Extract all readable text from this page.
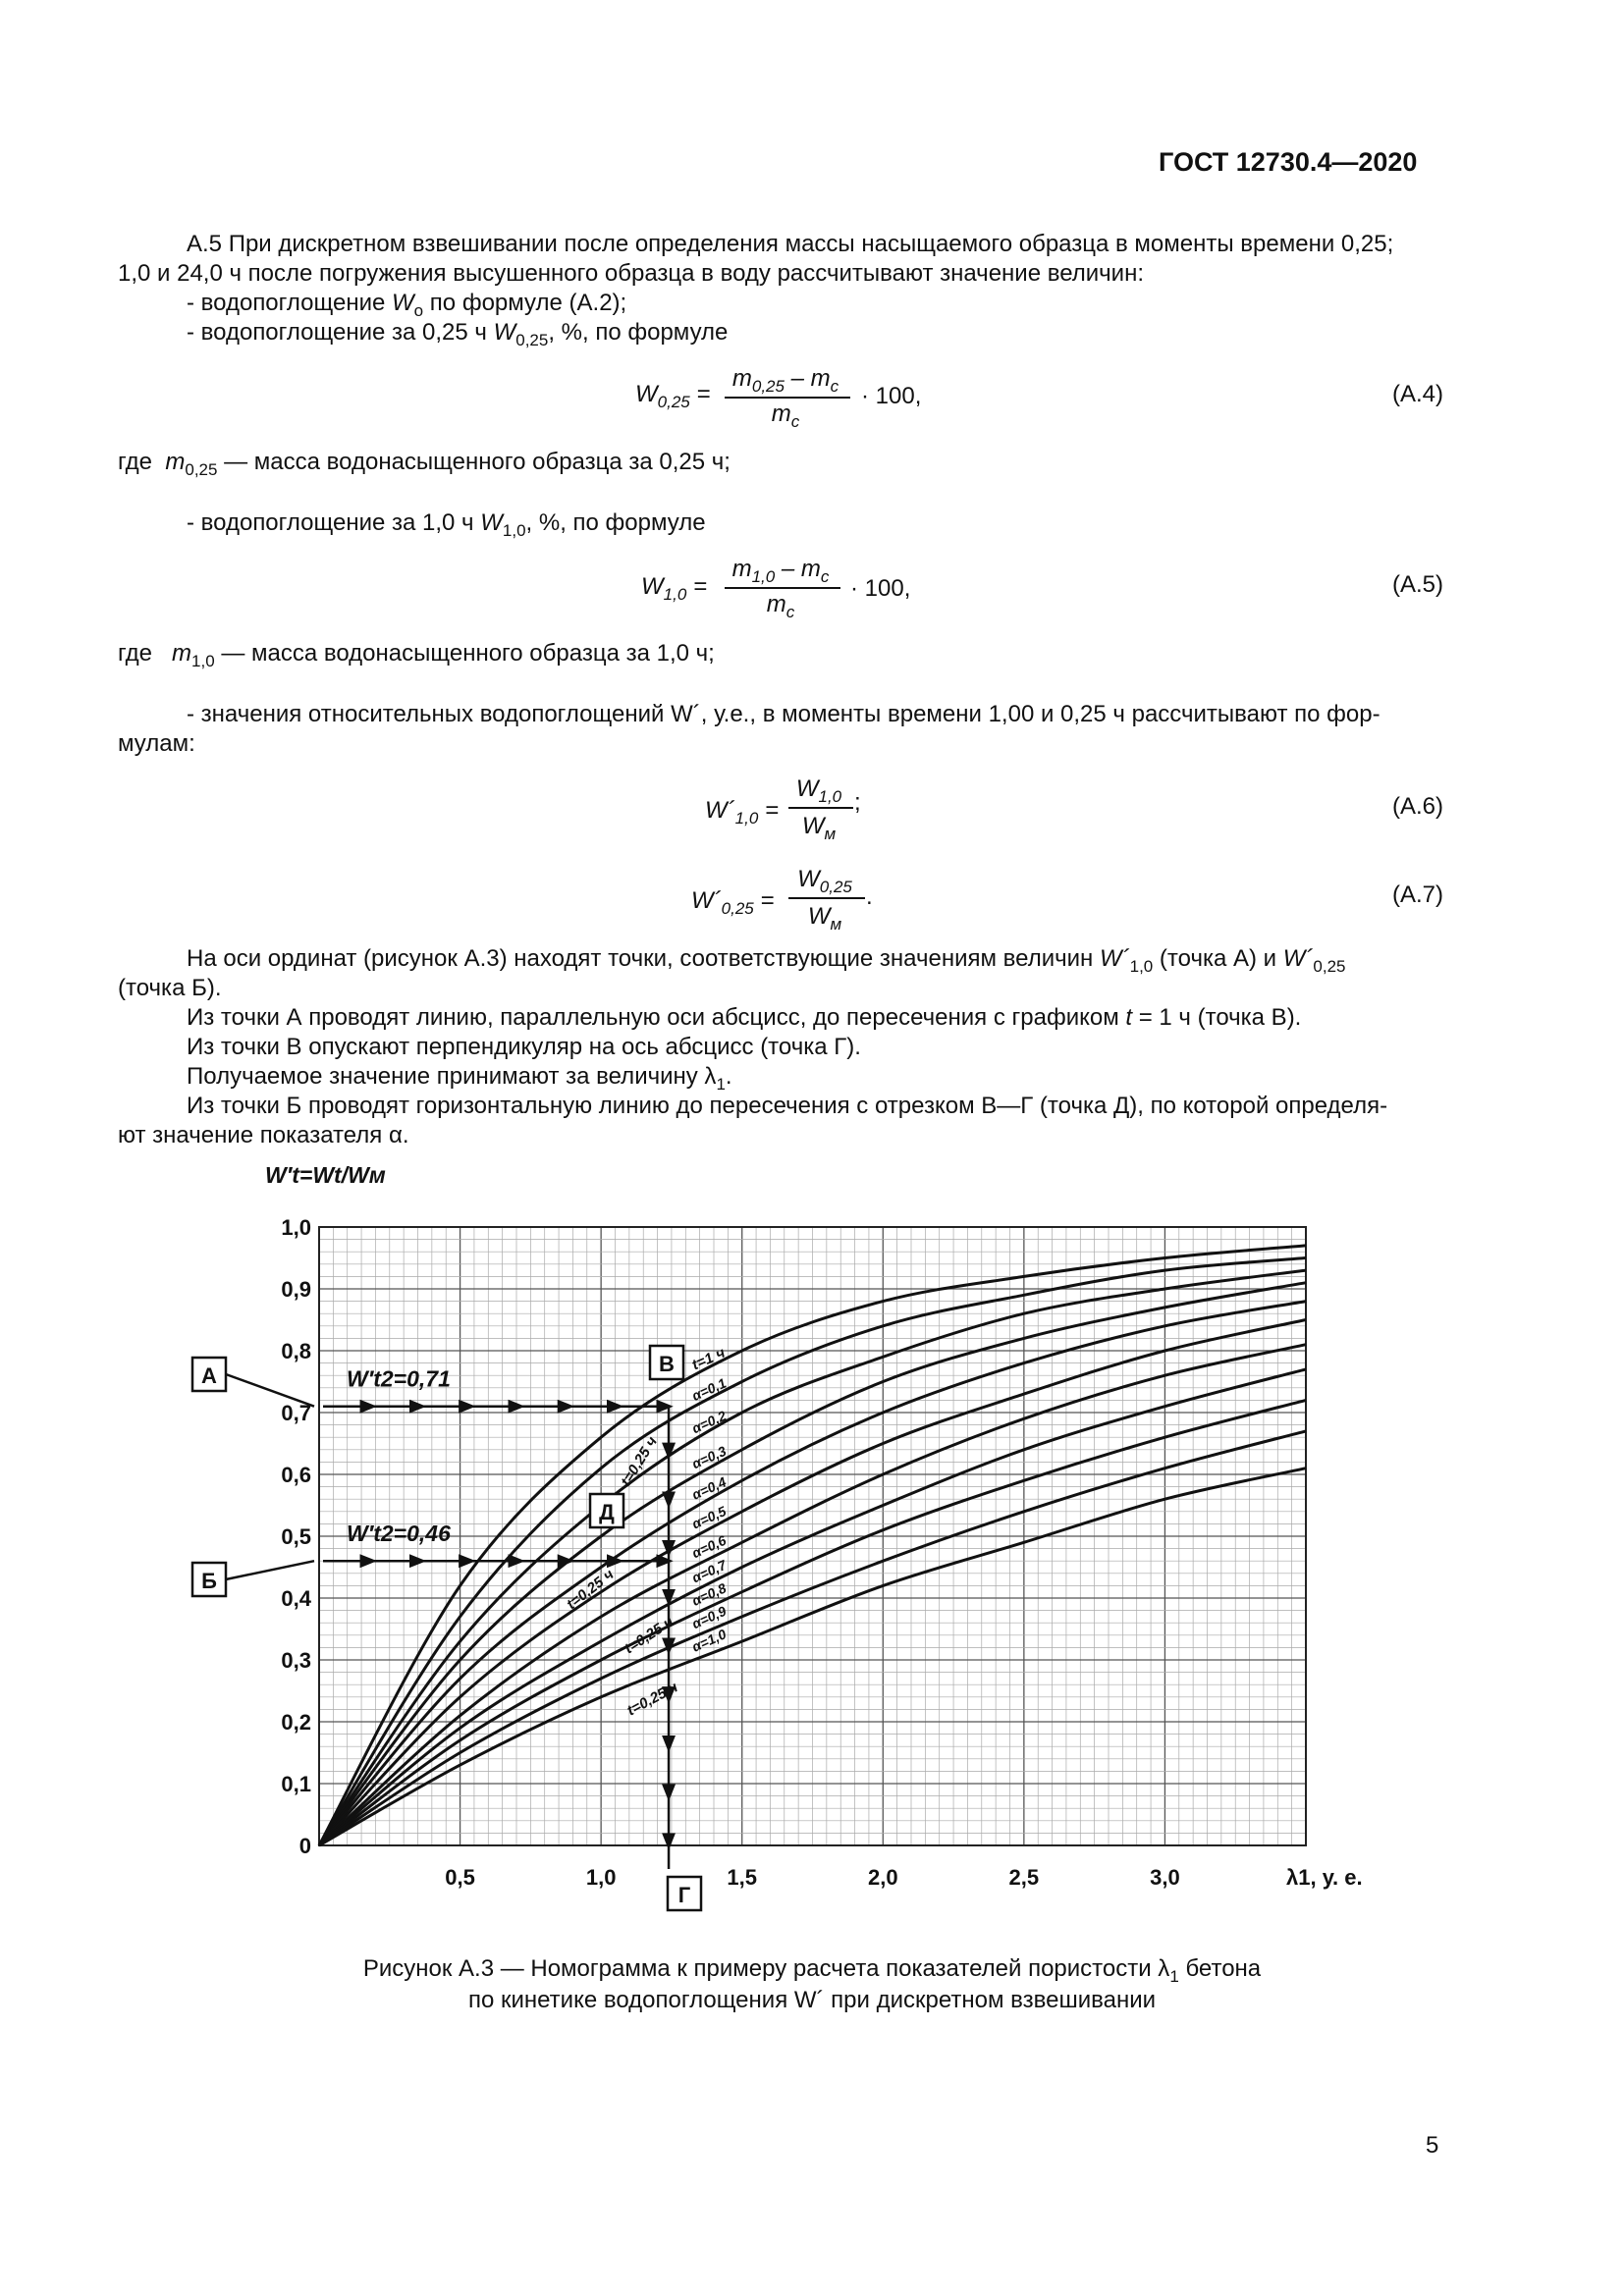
ГОСТ 12730.4—2020
А.5 При дискретном взвешивании после определения массы насыщаемого образца в моменты времени 0,25;
1,0 и 24,0 ч после погружения высушенного образца в воду рассчитывают значение величин:
- водопоглощение $W_о$ по формуле (А.2);
- водопоглощение за 0,25 ч $W_{0,25}$, %, по формуле
$W_{0,25}$ =
$m_{0,25} - m_с$
$m_с$
· 100,	(А.4)
где  $m_{0,25}$ — масса водонасыщенного образца за 0,25 ч;
- водопоглощение за 1,0 ч $W_{1,0}$, %, по формуле
$W_{1,0}$ =
$m_{1,0} - m_с$
$m_с$
· 100,	(А.5)
где   $m_{1,0}$ — масса водонасыщенного образца за 1,0 ч;
- значения относительных водопоглощений W´, у.е., в моменты времени 1,00 и 0,25 ч рассчитывают по фор-
мулам:
$W´_{1,0}$ =
$W_{1,0}$
$W_м$
;	(А.6)
$W´_{0,25}$ =
$W_{0,25}$
$W_м$
.	(А.7)
На оси ординат (рисунок А.3) находят точки, соответствующие значениям величин $W´_{1,0}$ (точка А) и $W´_{0,25}$
(точка Б).
Из точки А проводят линию, параллельную оси абсцисс, до пересечения с графиком t = 1 ч (точка В).
Из точки В опускают перпендикуляр на ось абсцисс (точка Г).
Получаемое значение принимают за величину $\lambda_1$.
Из точки Б проводят горизонтальную линию до пересечения с отрезком В—Г (точка Д), по которой определя-
ют значение показателя α.
t=1 ч
α=0,1
α=0,2
α=0,3
α=0,4
α=0,5
α=0,6
α=0,7
α=0,8
α=0,9
α=1,0
А
Б
В
Г
Д
W′t2=0,71
W′t2=0,46
t=0,25 ч
t=0,25 ч
t=0,25 ч
t=0,25 ч
0,5	1,0	1,5	2,0	2,5	3,0
0
0,1
0,2
0,3
0,4
0,5
0,6
0,7
0,8
0,9
1,0
λ1, у. е.
W′t=Wt/Wм
Рисунок А.3 — Номограмма к примеру расчета показателей пористости $\lambda_1$ бетона
по кинетике водопоглощения W´ при дискретном взвешивании
5
